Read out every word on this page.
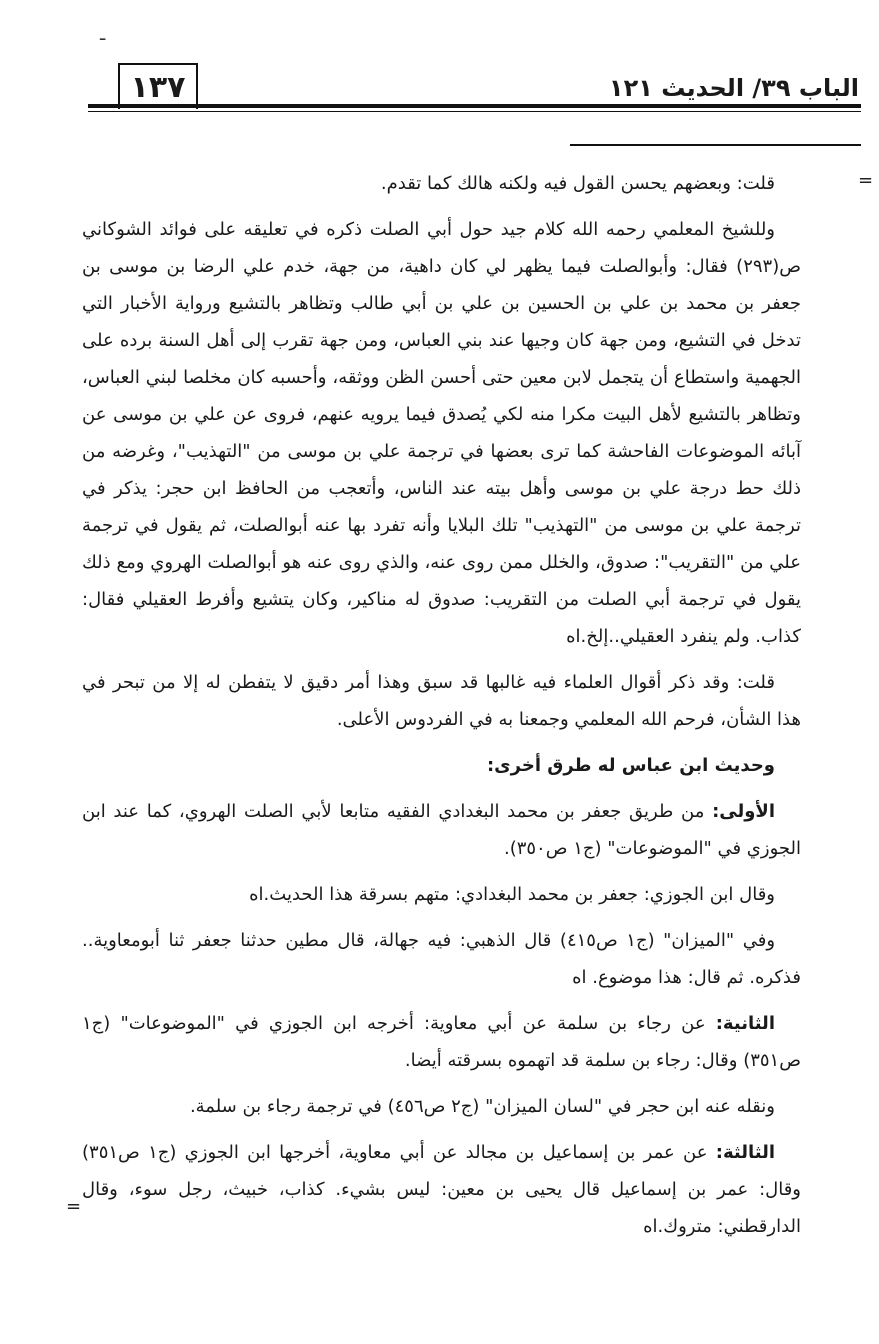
ـ
١٣٧	الباب ٣٩/ الحديث ١٢١
=
=

قلت: وبعضهم يحسن القول فيه ولكنه هالك كما تقدم.

وللشيخ المعلمي رحمه الله كلام جيد حول أبي الصلت ذكره في تعليقه على فوائد الشوكاني ص(٢٩٣) فقال: وأبوالصلت فيما يظهر لي كان داهية، من جهة، خدم علي الرضا بن موسى بن جعفر بن محمد بن علي بن الحسين بن علي بن أبي طالب وتظاهر بالتشيع ورواية الأخبار التي تدخل في التشيع، ومن جهة كان وجيها عند بني العباس، ومن جهة تقرب إلى أهل السنة برده على الجهمية واستطاع أن يتجمل لابن معين حتى أحسن الظن ووثقه، وأحسبه كان مخلصا لبني العباس، وتظاهر بالتشيع لأهل البيت مكرا منه لكي يُصدق فيما يرويه عنهم، فروى عن علي بن موسى عن آبائه الموضوعات الفاحشة كما ترى بعضها في ترجمة علي بن موسى من "التهذيب"، وغرضه من ذلك حط درجة علي بن موسى وأهل بيته عند الناس، وأتعجب من الحافظ ابن حجر: يذكر في ترجمة علي بن موسى من "التهذيب" تلك البلايا وأنه تفرد بها عنه أبوالصلت، ثم يقول في ترجمة علي من "التقريب": صدوق، والخلل ممن روى عنه، والذي روى عنه هو أبوالصلت الهروي ومع ذلك يقول في ترجمة أبي الصلت من التقريب: صدوق له مناكير، وكان يتشيع وأفرط العقيلي فقال: كذاب. ولم ينفرد العقيلي..إلخ.اه

قلت: وقد ذكر أقوال العلماء فيه غالبها قد سبق وهذا أمر دقيق لا يتفطن له إلا من تبحر في هذا الشأن، فرحم الله المعلمي وجمعنا به في الفردوس الأعلى.

وحديث ابن عباس له طرق أخرى:

الأولى: من طريق جعفر بن محمد البغدادي الفقيه متابعا لأبي الصلت الهروي، كما عند ابن الجوزي في "الموضوعات" (ج١ ص٣٥٠).

وقال ابن الجوزي: جعفر بن محمد البغدادي: متهم بسرقة هذا الحديث.اه

وفي "الميزان" (ج١ ص٤١٥) قال الذهبي: فيه جهالة، قال مطين حدثنا جعفر ثنا أبومعاوية.. فذكره. ثم قال: هذا موضوع. اه

الثانية: عن رجاء بن سلمة عن أبي معاوية: أخرجه ابن الجوزي في "الموضوعات" (ج١ ص٣٥١) وقال: رجاء بن سلمة قد اتهموه بسرقته أيضا.

ونقله عنه ابن حجر في "لسان الميزان" (ج٢ ص٤٥٦) في ترجمة رجاء بن سلمة.

الثالثة: عن عمر بن إسماعيل بن مجالد عن أبي معاوية، أخرجها ابن الجوزي (ج١ ص٣٥١) وقال: عمر بن إسماعيل قال يحيى بن معين: ليس بشيء. كذاب، خبيث، رجل سوء، وقال الدارقطني: متروك.اه
